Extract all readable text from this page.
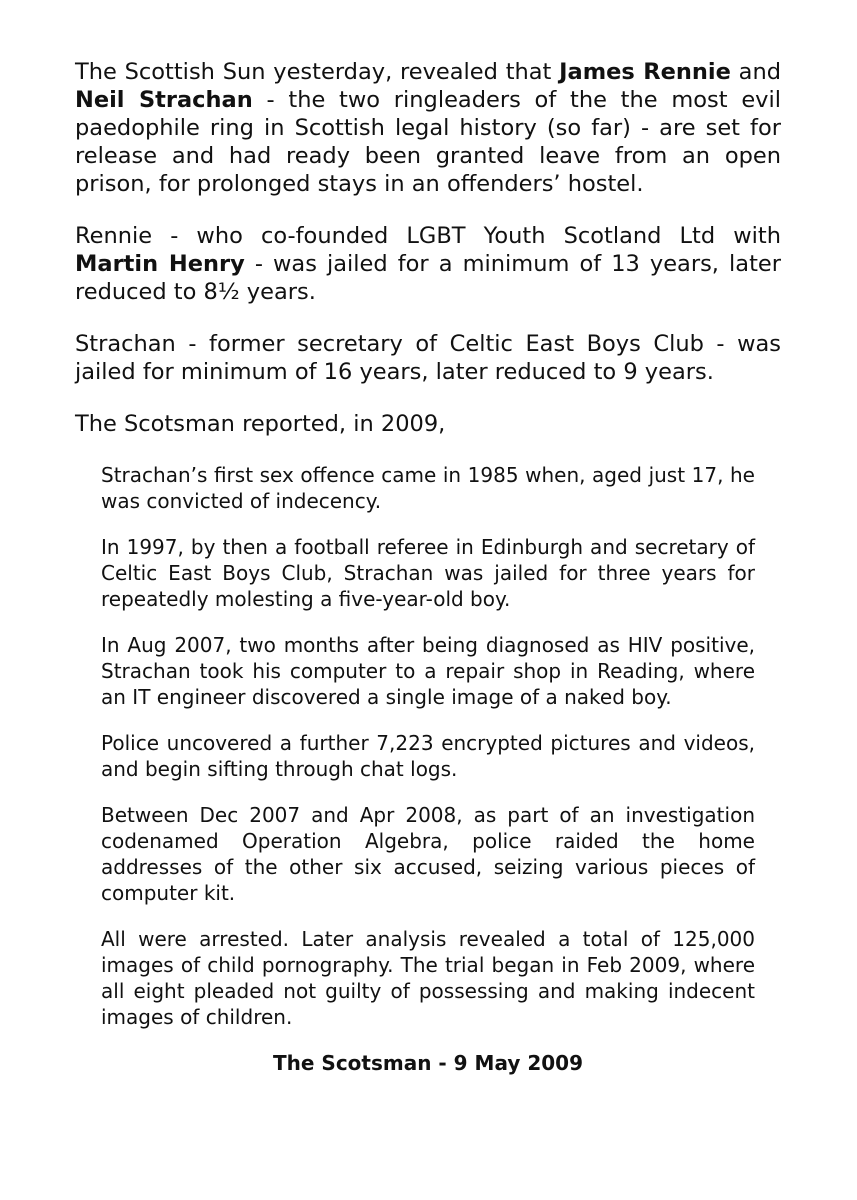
The Scottish Sun yesterday, revealed that James Rennie and Neil Strachan - the two ringleaders of the the most evil paedophile ring in Scottish legal history (so far) - are set for release and had ready been granted leave from an open prison, for prolonged stays in an offenders’ hostel.

Rennie - who co-founded LGBT Youth Scotland Ltd with Martin Henry - was jailed for a minimum of 13 years, later reduced to 8½ years.

Strachan - former secretary of Celtic East Boys Club - was jailed for minimum of 16 years, later reduced to 9 years.

The Scotsman reported, in 2009,

Strachan’s first sex offence came in 1985 when, aged just 17, he was convicted of indecency.

In 1997, by then a football referee in Edinburgh and secretary of Celtic East Boys Club, Strachan was jailed for three years for repeatedly molesting a five-year-old boy.

In Aug 2007, two months after being diagnosed as HIV positive, Strachan took his computer to a repair shop in Reading, where an IT engineer discovered a single image of a naked boy.

Police uncovered a further 7,223 encrypted pictures and videos, and begin sifting through chat logs.

Between Dec 2007 and Apr 2008, as part of an investigation codenamed Operation Algebra, police raided the home addresses of the other six accused, seizing various pieces of computer kit.

All were arrested. Later analysis revealed a total of 125,000 images of child pornography. The trial began in Feb 2009, where all eight pleaded not guilty of possessing and making indecent images of children.

The Scotsman - 9 May 2009
